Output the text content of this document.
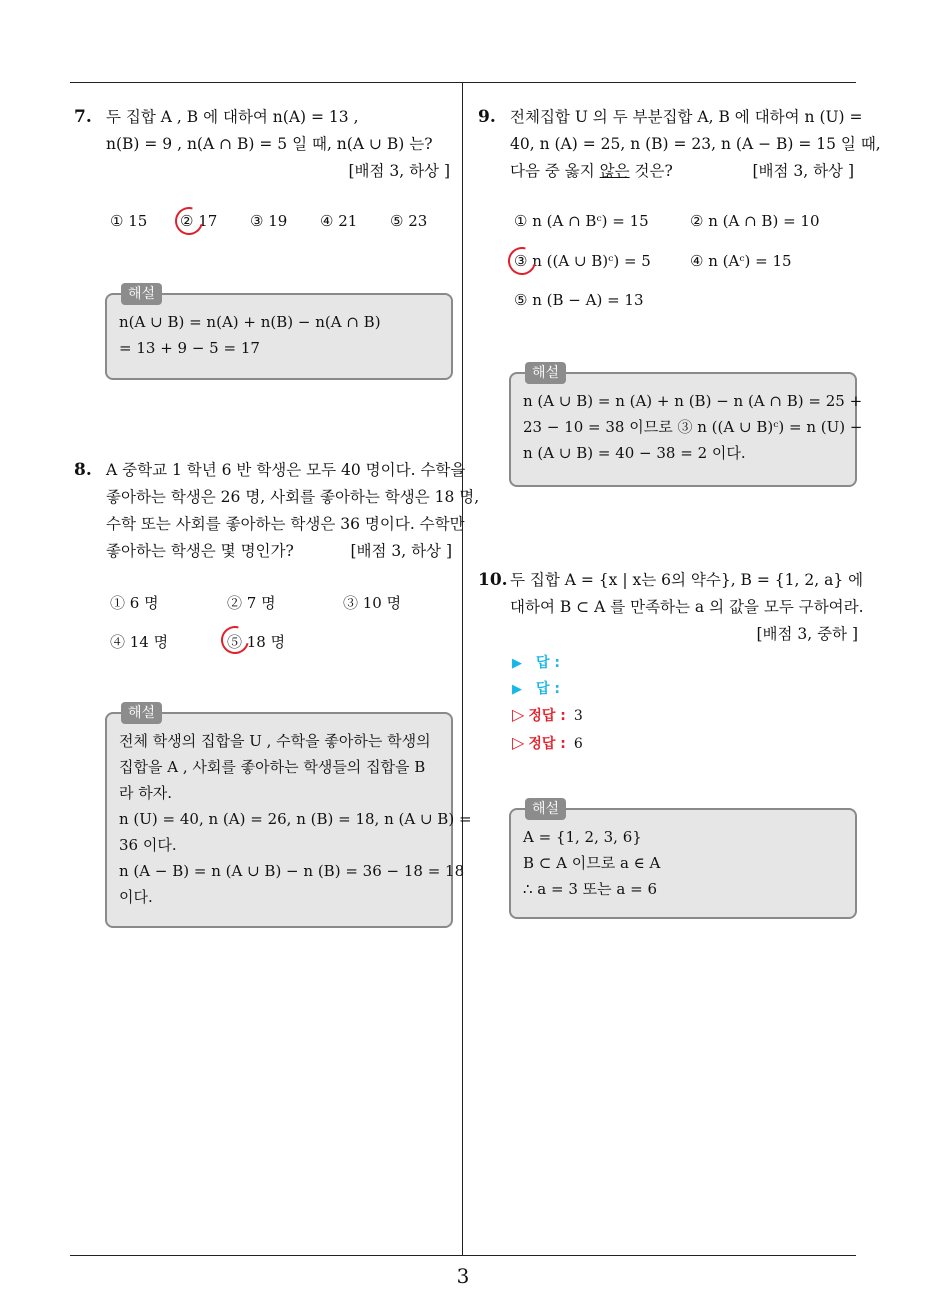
7. 두 집합 A , B 에 대하여 n(A) = 13 ,
n(B) = 9 , n(A ∩ B) = 5 일 때, n(A ∪ B) 는?
[배점 3, 하상 ]
① 15 ② 17 ③ 19 ④ 21 ⑤ 23
해설
n(A ∪ B) = n(A) + n(B) − n(A ∩ B)
= 13 + 9 − 5 = 17
8. A 중학교 1 학년 6 반 학생은 모두 40 명이다. 수학을
좋아하는 학생은 26 명, 사회를 좋아하는 학생은 18 명,
수학 또는 사회를 좋아하는 학생은 36 명이다. 수학만
좋아하는 학생은 몇 명인가?	[배점 3, 하상 ]
① 6 명	② 7 명	③ 10 명
④ 14 명	⑤ 18 명
해설
전체 학생의 집합을 U , 수학을 좋아하는 학생의
집합을 A , 사회를 좋아하는 학생들의 집합을 B
라 하자.
n (U) = 40, n (A) = 26, n (B) = 18, n (A ∪ B) =
36 이다.
n (A − B) = n (A ∪ B) − n (B) = 36 − 18 = 18
이다.
9. 전체집합 U 의 두 부분집합 A, B 에 대하여 n (U) =
40, n (A) = 25, n (B) = 23, n (A − B) = 15 일 때,
다음 중 옳지 않은 것은?	[배점 3, 하상 ]
① n (A ∩ Bᶜ) = 15	② n (A ∩ B) = 10
③ n ((A ∪ B)ᶜ) = 5	④ n (Aᶜ) = 15
⑤ n (B − A) = 13
해설
n (A ∪ B) = n (A) + n (B) − n (A ∩ B) = 25 +
23 − 10 = 38 이므로 ③ n ((A ∪ B)ᶜ) = n (U) −
n (A ∪ B) = 40 − 38 = 2 이다.
10. 두 집합 A = {x | x는 6의 약수}, B = {1, 2, a} 에
대하여 B ⊂ A 를 만족하는 a 의 값을 모두 구하여라.
[배점 3, 중하 ]
▶ 답 :
▶ 답 :
▷ 정답 : 3
▷ 정답 : 6
해설
A = {1, 2, 3, 6}
B ⊂ A 이므로 a ∈ A
∴ a = 3 또는 a = 6
3
